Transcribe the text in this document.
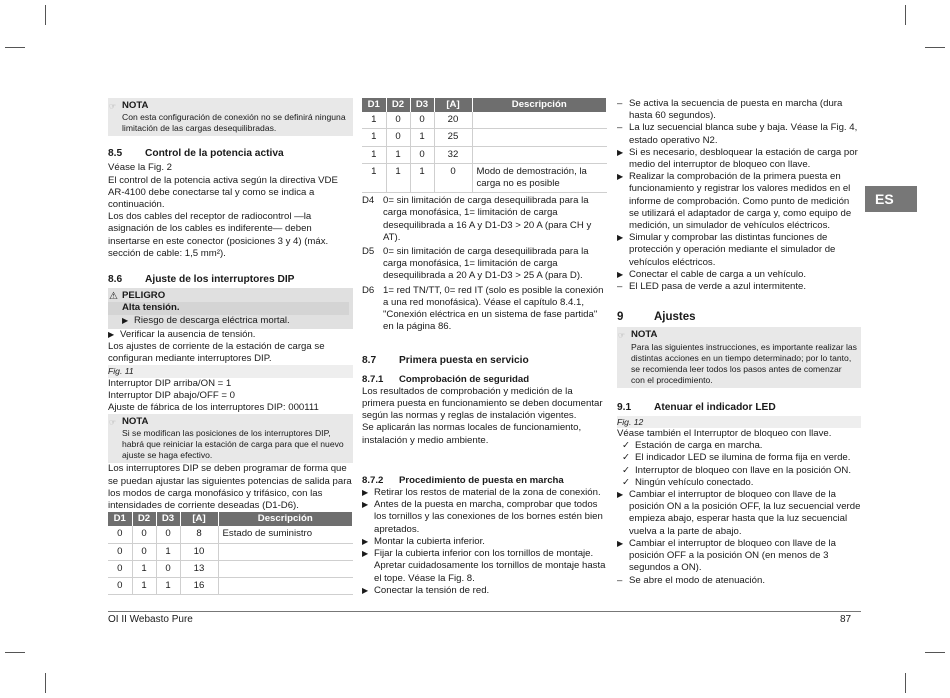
☞ NOTA
Con esta configuración de conexión no se definirá ninguna limitación de las cargas desequilibradas.
8.5	Control de la potencia activa

Véase la Fig. 2

El control de la potencia activa según la directiva VDE AR-4100 debe conectarse tal y como se indica a continuación.

Los dos cables del receptor de radiocontrol —la asignación de los cables es indiferente— deben insertarse en este conector (posiciones 3 y 4) (máx. sección de cable: 1,5 mm²).

8.6	Ajuste de los interruptores DIP
⚠ PELIGRO
Alta tensión.
▶ Riesgo de descarga eléctrica mortal.
▶ Verificar la ausencia de tensión.

Los ajustes de corriente de la estación de carga se configuran mediante interruptores DIP.

Fig. 11

Interruptor DIP arriba/ON = 1

Interruptor DIP abajo/OFF = 0

Ajuste de fábrica de los interruptores DIP: 000111

☞ NOTA
Si se modifican las posiciones de los interruptores DIP, habrá que reiniciar la estación de carga para que el nuevo ajuste se haga efectivo.

Los interruptores DIP se deben programar de forma que se puedan ajustar las siguientes potencias de salida para los modos de carga monofásico y trifásico, con las intensidades de corriente deseadas (D1-D6).

D1	D2	D3	[A]	Descripción
0	0	0	8	Estado de suministro
0	0	1	10	
0	1	0	13	
0	1	1	16	
D1	D2	D3	[A]	Descripción
1	0	0	20	
1	0	1	25	
1	1	0	32	
1	1	1	0	Modo de demostración, la carga no es posible
D4 0= sin limitación de carga desequilibrada para la carga monofásica, 1= limitación de carga desequilibrada a 16 A y D1-D3 > 20 A (para CH y AT).
D5 0= sin limitación de carga desequilibrada para la carga monofásica, 1= limitación de carga desequilibrada a 20 A y D1-D3 > 25 A (para D).
D6 1= red TN/TT, 0= red IT (solo es posible la conexión a una red monofásica). Véase el capítulo 8.4.1, "Conexión eléctrica en un sistema de fase partida" en la página 86.
8.7	Primera puesta en servicio
8.7.1	Comprobación de seguridad

Los resultados de comprobación y medición de la primera puesta en funcionamiento se deben documentar según las normas y reglas de instalación vigentes.

Se aplicarán las normas locales de funcionamiento, instalación y medio ambiente.

8.7.2	Procedimiento de puesta en marcha
▶ Retirar los restos de material de la zona de conexión.
▶ Antes de la puesta en marcha, comprobar que todos los tornillos y las conexiones de los bornes estén bien apretados.
▶ Montar la cubierta inferior.
▶ Fijar la cubierta inferior con los tornillos de montaje. Apretar cuidadosamente los tornillos de montaje hasta el tope. Véase la Fig. 8.
▶ Conectar la tensión de red.
– Se activa la secuencia de puesta en marcha (dura hasta 60 segundos).
– La luz secuencial blanca sube y baja. Véase la Fig. 4, estado operativo N2.
▶ Si es necesario, desbloquear la estación de carga por medio del interruptor de bloqueo con llave.
▶ Realizar la comprobación de la primera puesta en funcionamiento y registrar los valores medidos en el informe de comprobación. Como punto de medición se utilizará el adaptador de carga y, como equipo de medición, un simulador de vehículos eléctricos.
▶ Simular y comprobar las distintas funciones de protección y operación mediante el simulador de vehículos eléctricos.
▶ Conectar el cable de carga a un vehículo.
– El LED pasa de verde a azul intermitente.
9	Ajustes
☞ NOTA
Para las siguientes instrucciones, es importante realizar las distintas acciones en un tiempo determinado; por lo tanto, se recomienda leer todos los pasos antes de comenzar con el procedimiento.
9.1	Atenuar el indicador LED
Fig. 12

Véase también el Interruptor de bloqueo con llave.

✓ Estación de carga en marcha.
✓ El indicador LED se ilumina de forma fija en verde.
✓ Interruptor de bloqueo con llave en la posición ON.
✓ Ningún vehículo conectado.
▶ Cambiar el interruptor de bloqueo con llave de la posición ON a la posición OFF, la luz secuencial verde empieza abajo, esperar hasta que la luz secuencial vuelva a la parte de abajo.
▶ Cambiar el interruptor de bloqueo con llave de la posición OFF a la posición ON (en menos de 3 segundos a ON).
– Se abre el modo de atenuación.
ES
OI II Webasto Pure	87
